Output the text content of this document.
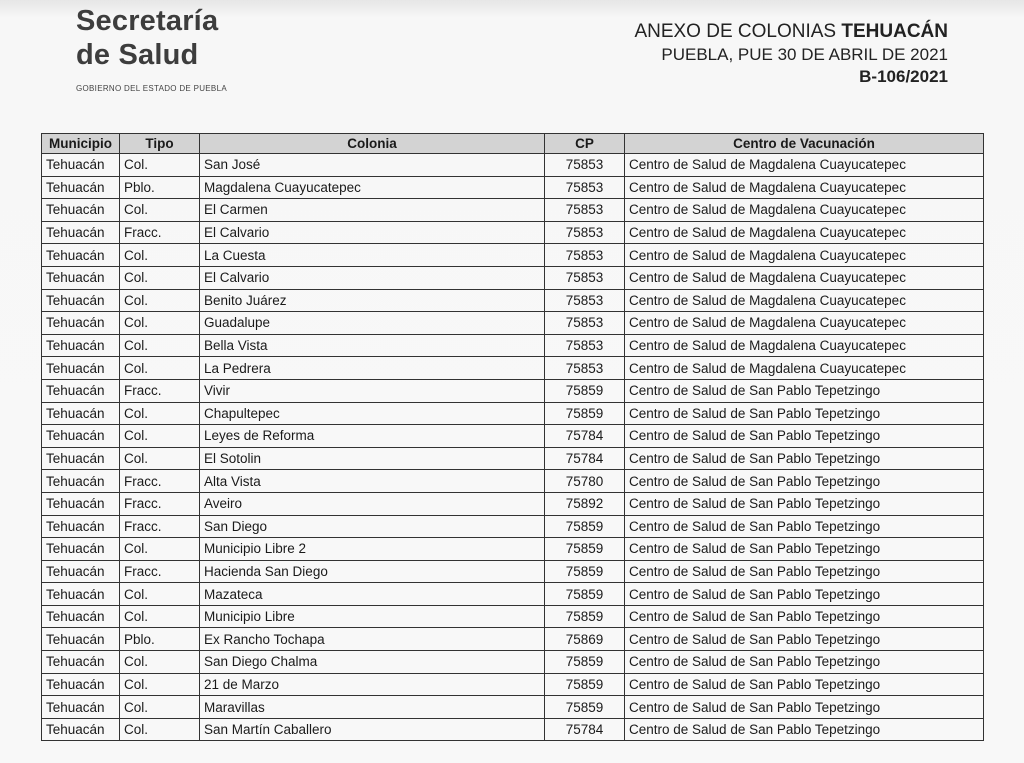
Secretaría
de Salud
GOBIERNO DEL ESTADO DE PUEBLA
ANEXO DE COLONIAS TEHUACÁN
PUEBLA, PUE 30 DE ABRIL DE 2021
B-106/2021
Municipio	Tipo	Colonia	CP	Centro de Vacunación
Tehuacán	Col.	San José	75853	Centro de Salud de Magdalena Cuayucatepec
Tehuacán	Pblo.	Magdalena Cuayucatepec	75853	Centro de Salud de Magdalena Cuayucatepec
Tehuacán	Col.	El Carmen	75853	Centro de Salud de Magdalena Cuayucatepec
Tehuacán	Fracc.	El Calvario	75853	Centro de Salud de Magdalena Cuayucatepec
Tehuacán	Col.	La Cuesta	75853	Centro de Salud de Magdalena Cuayucatepec
Tehuacán	Col.	El Calvario	75853	Centro de Salud de Magdalena Cuayucatepec
Tehuacán	Col.	Benito Juárez	75853	Centro de Salud de Magdalena Cuayucatepec
Tehuacán	Col.	Guadalupe	75853	Centro de Salud de Magdalena Cuayucatepec
Tehuacán	Col.	Bella Vista	75853	Centro de Salud de Magdalena Cuayucatepec
Tehuacán	Col.	La Pedrera	75853	Centro de Salud de Magdalena Cuayucatepec
Tehuacán	Fracc.	Vivir	75859	Centro de Salud de San Pablo Tepetzingo
Tehuacán	Col.	Chapultepec	75859	Centro de Salud de San Pablo Tepetzingo
Tehuacán	Col.	Leyes de Reforma	75784	Centro de Salud de San Pablo Tepetzingo
Tehuacán	Col.	El Sotolin	75784	Centro de Salud de San Pablo Tepetzingo
Tehuacán	Fracc.	Alta Vista	75780	Centro de Salud de San Pablo Tepetzingo
Tehuacán	Fracc.	Aveiro	75892	Centro de Salud de San Pablo Tepetzingo
Tehuacán	Fracc.	San Diego	75859	Centro de Salud de San Pablo Tepetzingo
Tehuacán	Col.	Municipio Libre 2	75859	Centro de Salud de San Pablo Tepetzingo
Tehuacán	Fracc.	Hacienda San Diego	75859	Centro de Salud de San Pablo Tepetzingo
Tehuacán	Col.	Mazateca	75859	Centro de Salud de San Pablo Tepetzingo
Tehuacán	Col.	Municipio Libre	75859	Centro de Salud de San Pablo Tepetzingo
Tehuacán	Pblo.	Ex Rancho Tochapa	75869	Centro de Salud de San Pablo Tepetzingo
Tehuacán	Col.	San Diego Chalma	75859	Centro de Salud de San Pablo Tepetzingo
Tehuacán	Col.	21 de Marzo	75859	Centro de Salud de San Pablo Tepetzingo
Tehuacán	Col.	Maravillas	75859	Centro de Salud de San Pablo Tepetzingo
Tehuacán	Col.	San Martín Caballero	75784	Centro de Salud de San Pablo Tepetzingo
